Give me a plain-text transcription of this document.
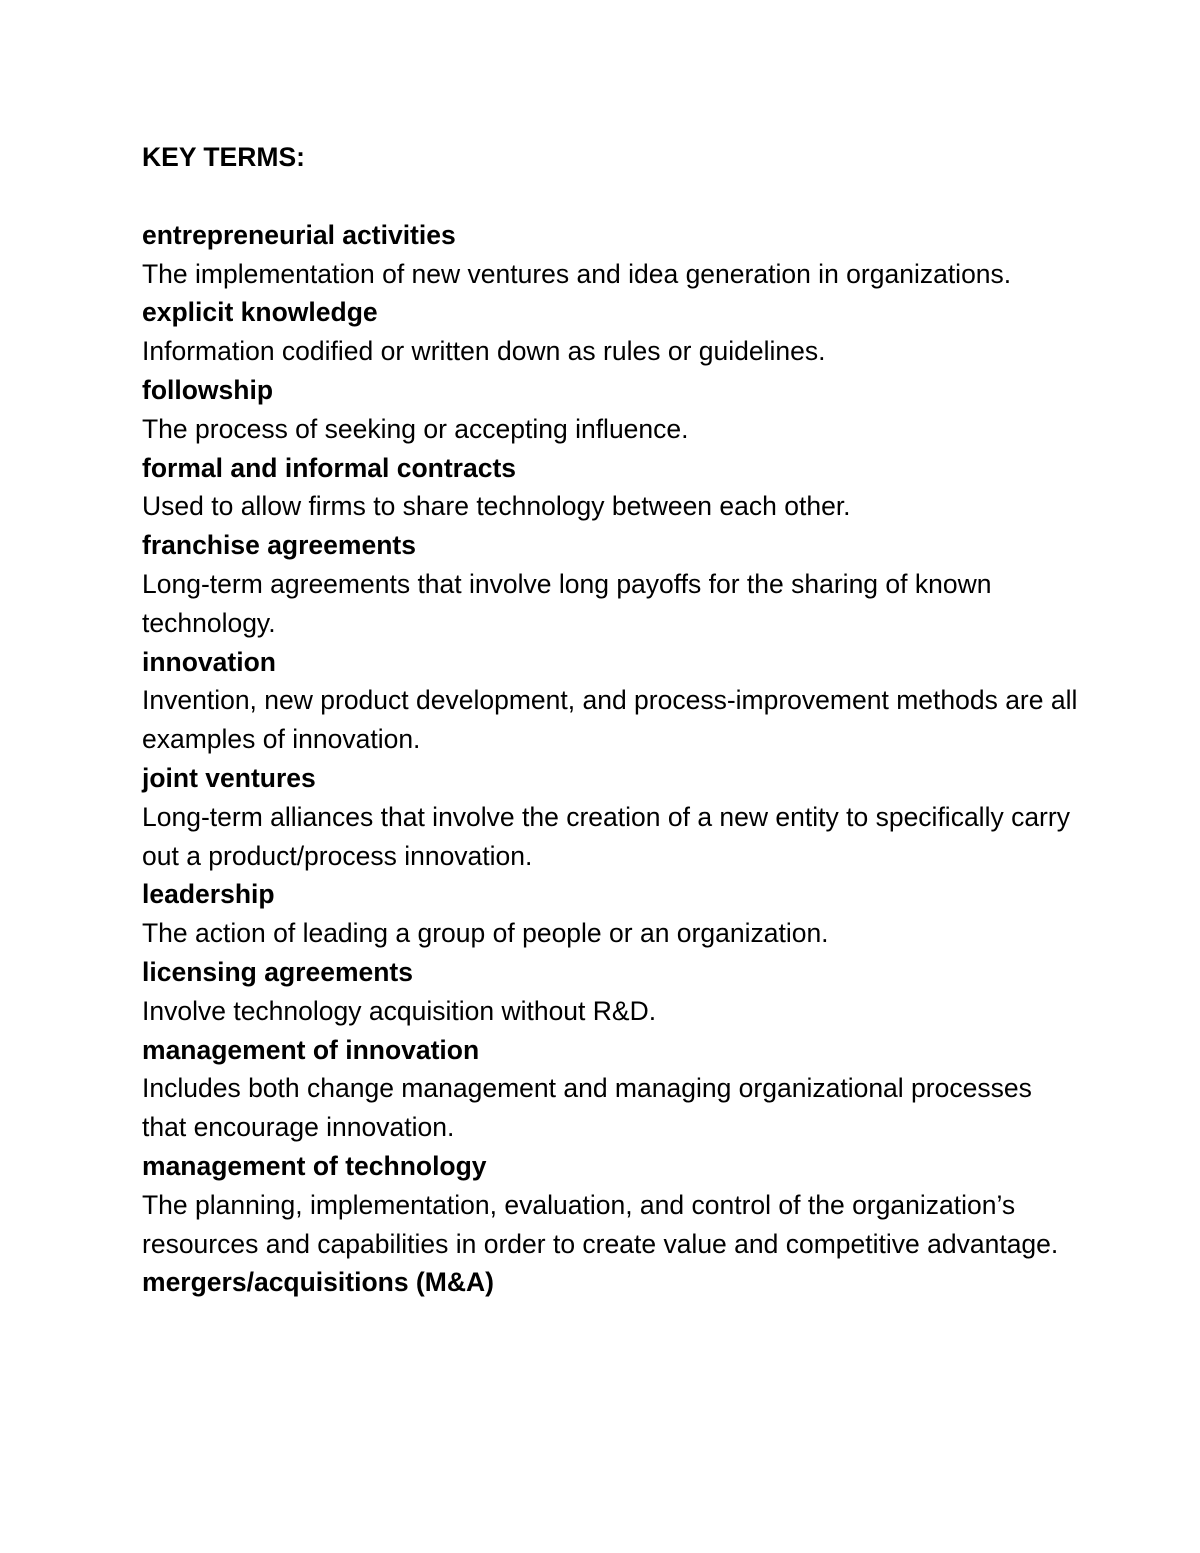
KEY TERMS:

entrepreneurial activities

The implementation of new ventures and idea generation in organizations.

explicit knowledge

Information codified or written down as rules or guidelines.

followship

The process of seeking or accepting influence.

formal and informal contracts

Used to allow firms to share technology between each other.

franchise agreements

Long-term agreements that involve long payoffs for the sharing of known technology.

innovation

Invention, new product development, and process-improvement methods are all examples of innovation.

joint ventures

Long-term alliances that involve the creation of a new entity to specifically carry out a product/process innovation.

leadership

The action of leading a group of people or an organization.

licensing agreements

Involve technology acquisition without R&D.

management of innovation

Includes both change management and managing organizational processes that encourage innovation.

management of technology

The planning, implementation, evaluation, and control of the organization’s resources and capabilities in order to create value and competitive advantage.

mergers/acquisitions (M&A)
